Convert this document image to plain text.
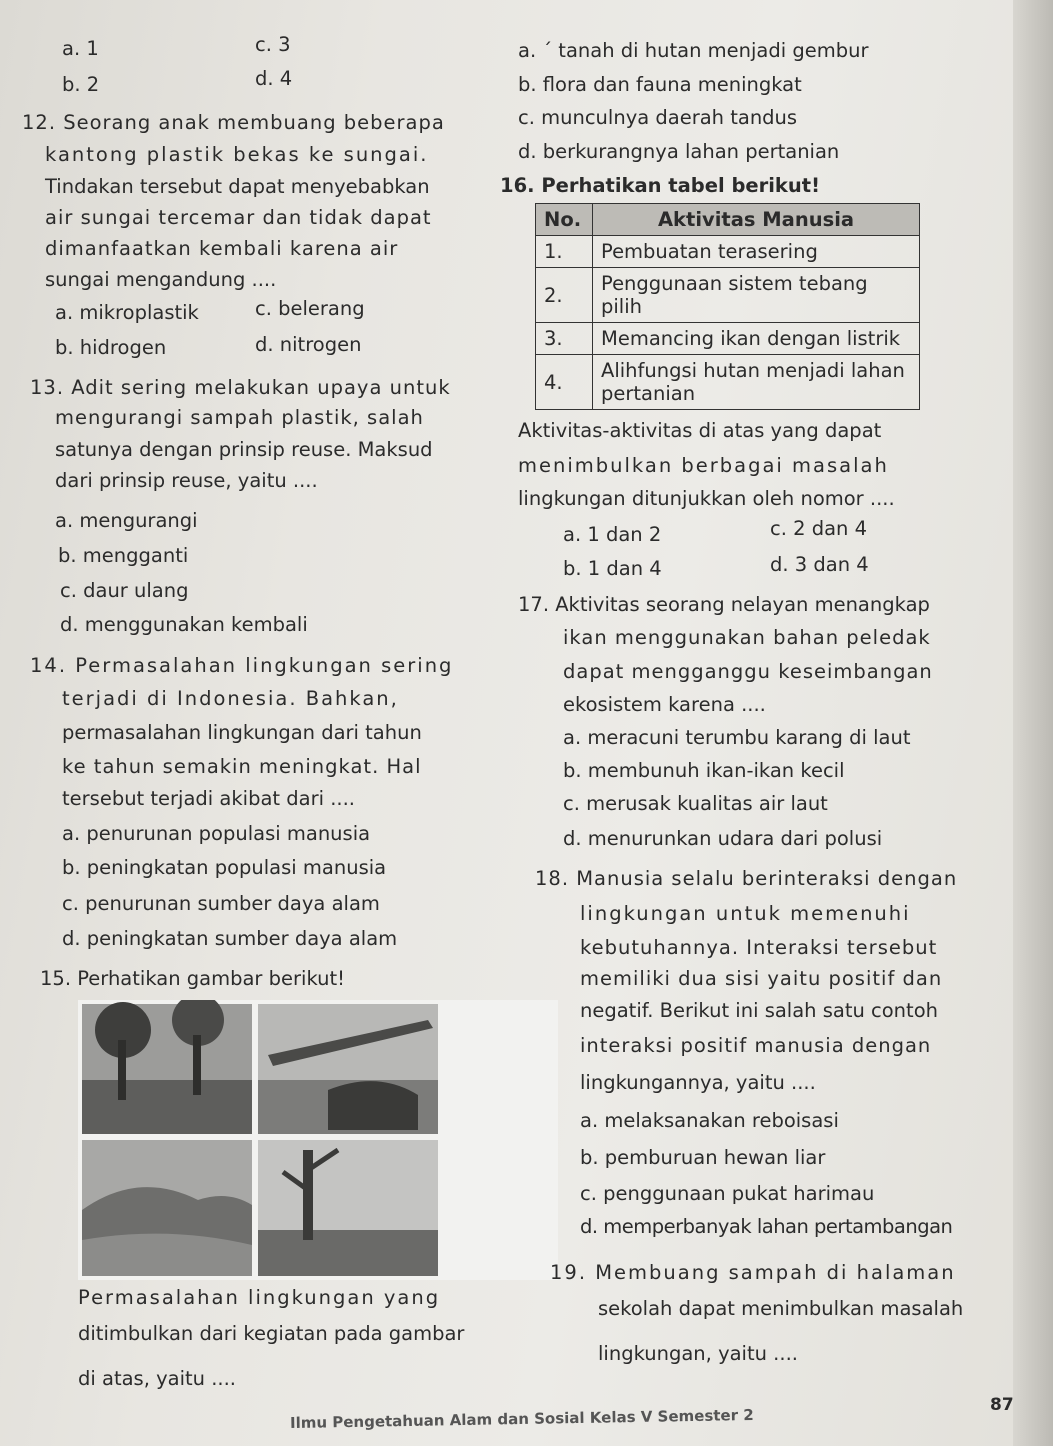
a. 1
b. 2
c. 3
d. 4
a. ´ tanah di hutan menjadi gembur
b. flora dan fauna meningkat
c. munculnya daerah tandus
d. berkurangnya lahan pertanian
12. Seorang anak membuang beberapa
kantong plastik bekas ke sungai.
Tindakan tersebut dapat menyebabkan
air sungai tercemar dan tidak dapat
dimanfaatkan kembali karena air
sungai mengandung ....
a. mikroplastik
b. hidrogen
c. belerang
d. nitrogen
13. Adit sering melakukan upaya untuk
mengurangi sampah plastik, salah
satunya dengan prinsip reuse. Maksud
dari prinsip reuse, yaitu ....
a. mengurangi
b. mengganti
c. daur ulang
d. menggunakan kembali
14. Permasalahan lingkungan sering
terjadi di Indonesia. Bahkan,
permasalahan lingkungan dari tahun
ke tahun semakin meningkat. Hal
tersebut terjadi akibat dari ....
a. penurunan populasi manusia
b. peningkatan populasi manusia
c. penurunan sumber daya alam
d. peningkatan sumber daya alam
15. Perhatikan gambar berikut!
Permasalahan lingkungan yang
ditimbulkan dari kegiatan pada gambar
di atas, yaitu ....
16. Perhatikan tabel berikut!
No.	Aktivitas Manusia
1.	Pembuatan terasering
2.	Penggunaan sistem tebang pilih
3.	Memancing ikan dengan listrik
4.	Alihfungsi hutan menjadi lahan pertanian
Aktivitas-aktivitas di atas yang dapat
menimbulkan berbagai masalah
lingkungan ditunjukkan oleh nomor ....
a. 1 dan 2
b. 1 dan 4
c. 2 dan 4
d. 3 dan 4
17. Aktivitas seorang nelayan menangkap
ikan menggunakan bahan peledak
dapat mengganggu keseimbangan
ekosistem karena ....
a. meracuni terumbu karang di laut
b. membunuh ikan-ikan kecil
c. merusak kualitas air laut
d. menurunkan udara dari polusi
18. Manusia selalu berinteraksi dengan
lingkungan untuk memenuhi
kebutuhannya. Interaksi tersebut
memiliki dua sisi yaitu positif dan
negatif. Berikut ini salah satu contoh
interaksi positif manusia dengan
lingkungannya, yaitu ....
a. melaksanakan reboisasi
b. pemburuan hewan liar
c. penggunaan pukat harimau
d. memperbanyak lahan pertambangan
19. Membuang sampah di halaman
sekolah dapat menimbulkan masalah
lingkungan, yaitu ....
87
Ilmu Pengetahuan Alam dan Sosial Kelas V Semester 2
